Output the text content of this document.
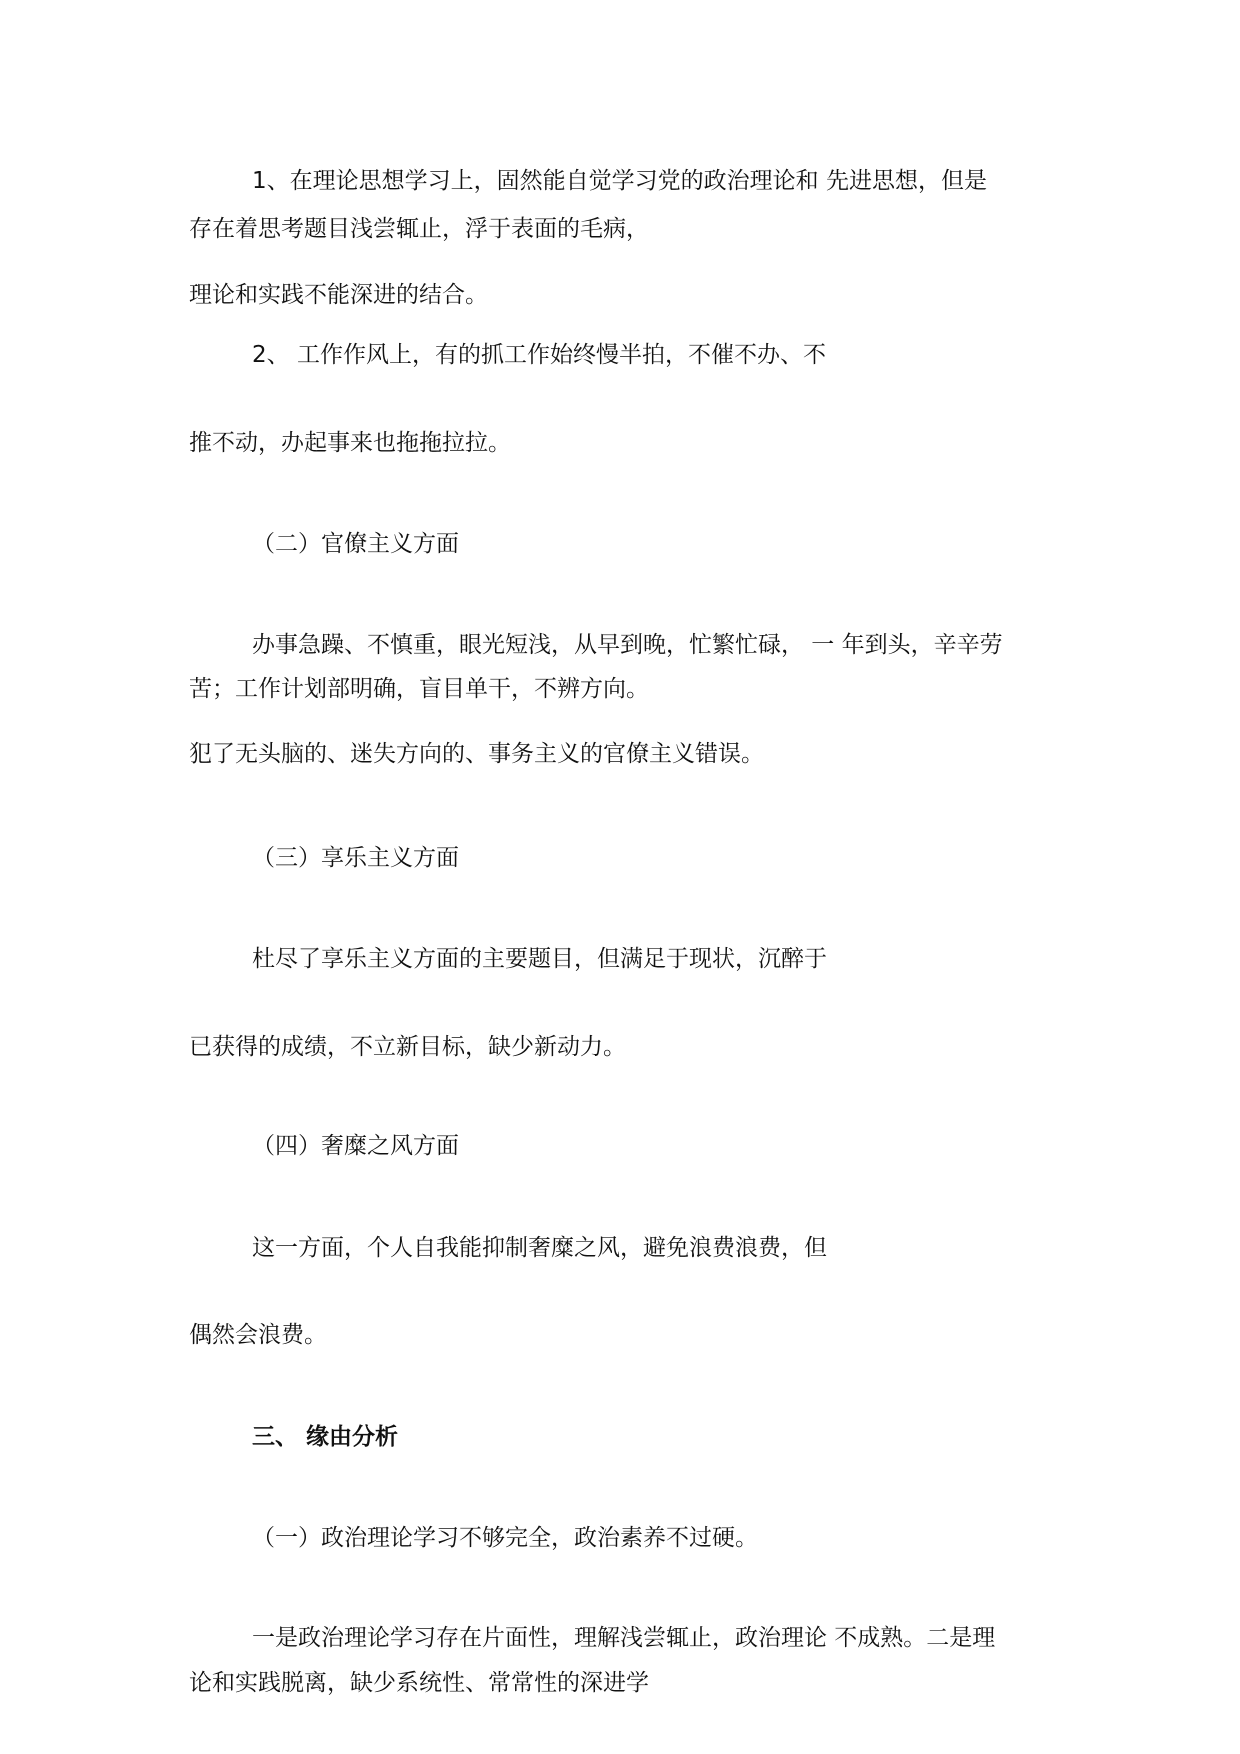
1、在理论思想学习上，固然能自觉学习党的政治理论和 先进思想，但是
存在着思考题目浅尝辄止，浮于表面的毛病，
理论和实践不能深进的结合。
2、 工作作风上，有的抓工作始终慢半拍，不催不办、不
推不动，办起事来也拖拖拉拉。
（二）官僚主义方面
办事急躁、不慎重，眼光短浅，从早到晚，忙繁忙碌， 一 年到头，辛辛劳
苦；工作计划部明确，盲目单干，不辨方向。
犯了无头脑的、迷失方向的、事务主义的官僚主义错误。
（三）享乐主义方面
杜尽了享乐主义方面的主要题目，但满足于现状，沉醉于
已获得的成绩，不立新目标，缺少新动力。
（四）奢糜之风方面
这一方面，个人自我能抑制奢糜之风，避免浪费浪费，但
偶然会浪费。
三、 缘由分析
（一）政治理论学习不够完全，政治素养不过硬。
一是政治理论学习存在片面性，理解浅尝辄止，政治理论 不成熟。二是理
论和实践脱离，缺少系统性、常常性的深进学
